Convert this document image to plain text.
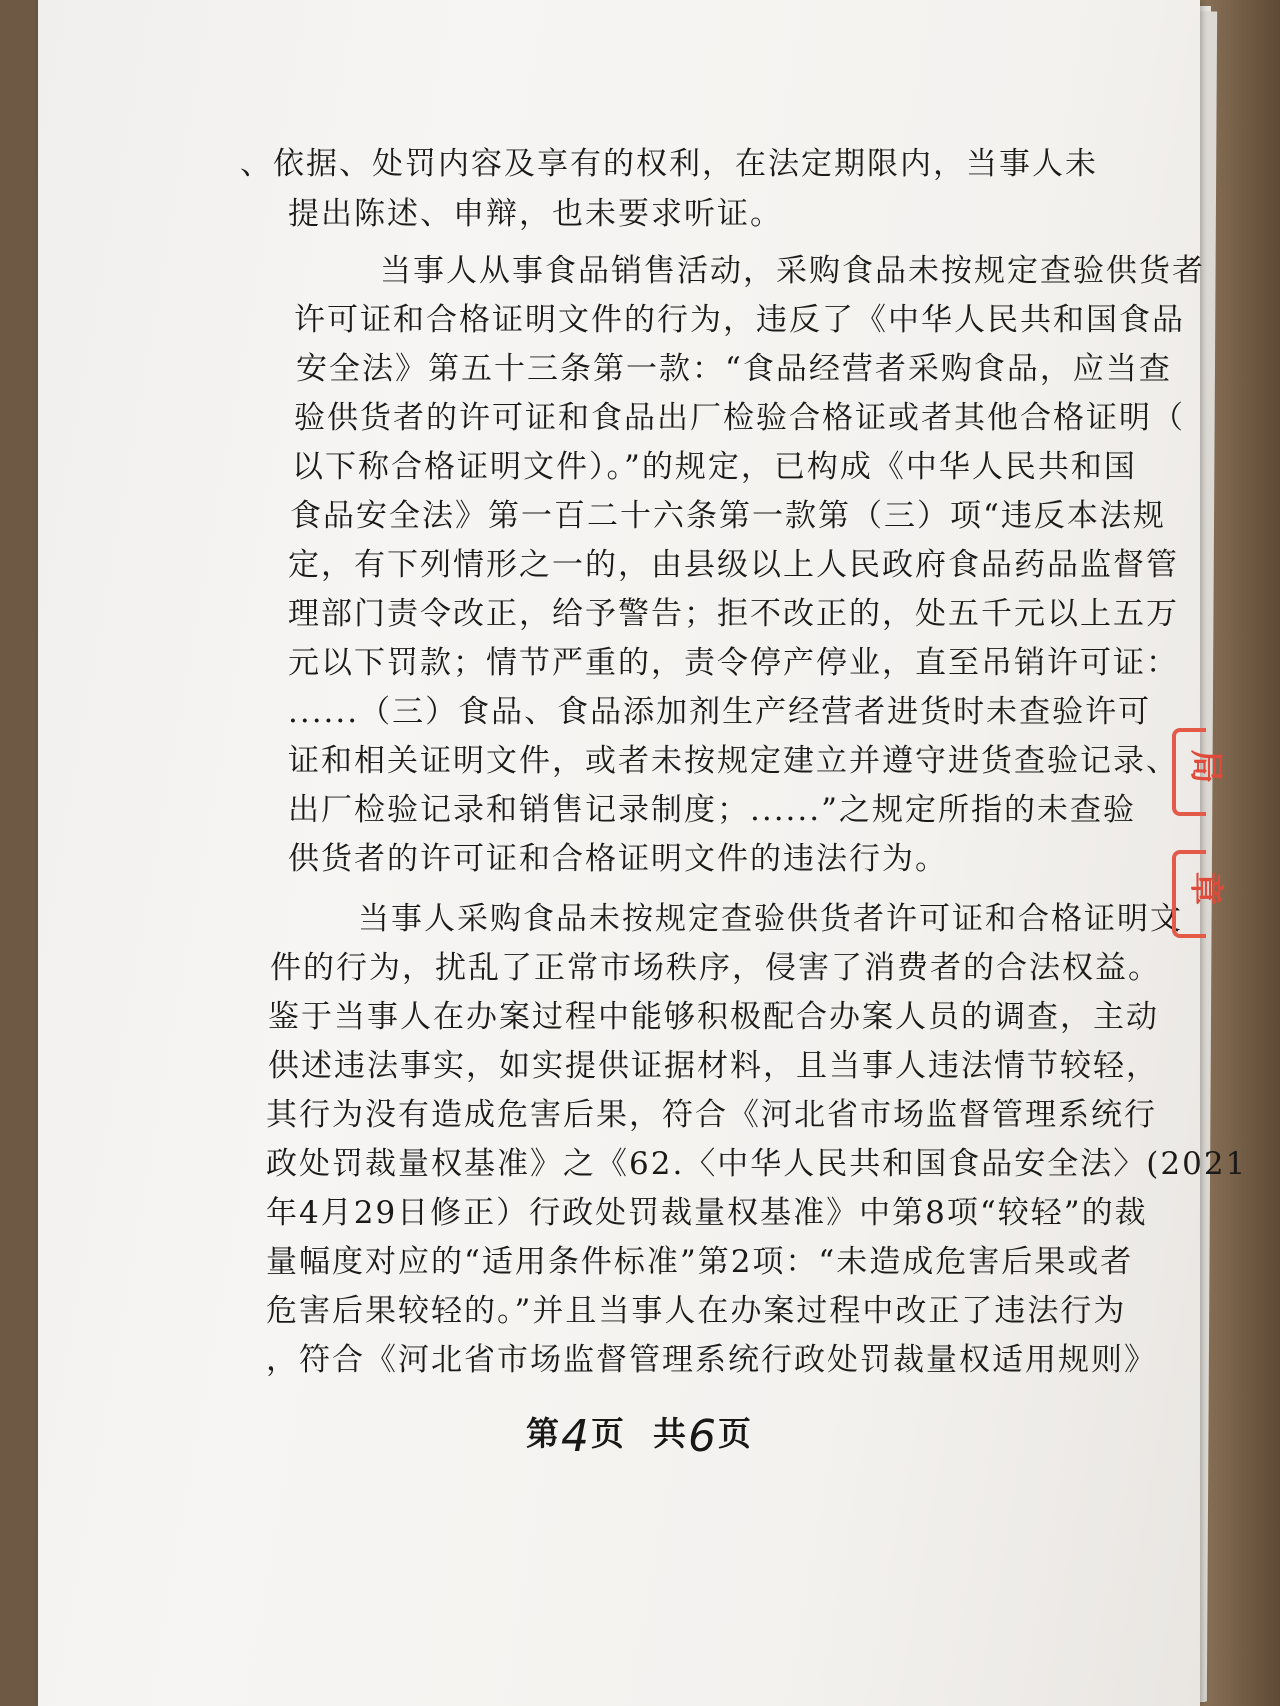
、依据、处罚内容及享有的权利，在法定期限内，当事人未
提出陈述、申辩，也未要求听证。
当事人从事食品销售活动，采购食品未按规定查验供货者
许可证和合格证明文件的行为，违反了《中华人民共和国食品
安全法》第五十三条第一款：“食品经营者采购食品，应当查
验供货者的许可证和食品出厂检验合格证或者其他合格证明（
以下称合格证明文件）。”的规定，已构成《中华人民共和国
食品安全法》第一百二十六条第一款第（三）项“违反本法规
定，有下列情形之一的，由县级以上人民政府食品药品监督管
理部门责令改正，给予警告；拒不改正的，处五千元以上五万
元以下罚款；情节严重的，责令停产停业，直至吊销许可证：
......（三）食品、食品添加剂生产经营者进货时未查验许可
证和相关证明文件，或者未按规定建立并遵守进货查验记录、
出厂检验记录和销售记录制度；......”之规定所指的未查验
供货者的许可证和合格证明文件的违法行为。
当事人采购食品未按规定查验供货者许可证和合格证明文
件的行为，扰乱了正常市场秩序，侵害了消费者的合法权益。
鉴于当事人在办案过程中能够积极配合办案人员的调查，主动
供述违法事实，如实提供证据材料，且当事人违法情节较轻，
其行为没有造成危害后果，符合《河北省市场监督管理系统行
政处罚裁量权基准》之《62.〈中华人民共和国食品安全法〉(2021
年4月29日修正）行政处罚裁量权基准》中第8项“较轻”的裁
量幅度对应的“适用条件标准”第2项：“未造成危害后果或者
危害后果较轻的。”并且当事人在办案过程中改正了违法行为
，符合《河北省市场监督管理系统行政处罚裁量权适用规则》
第4页  共6页
局
章
